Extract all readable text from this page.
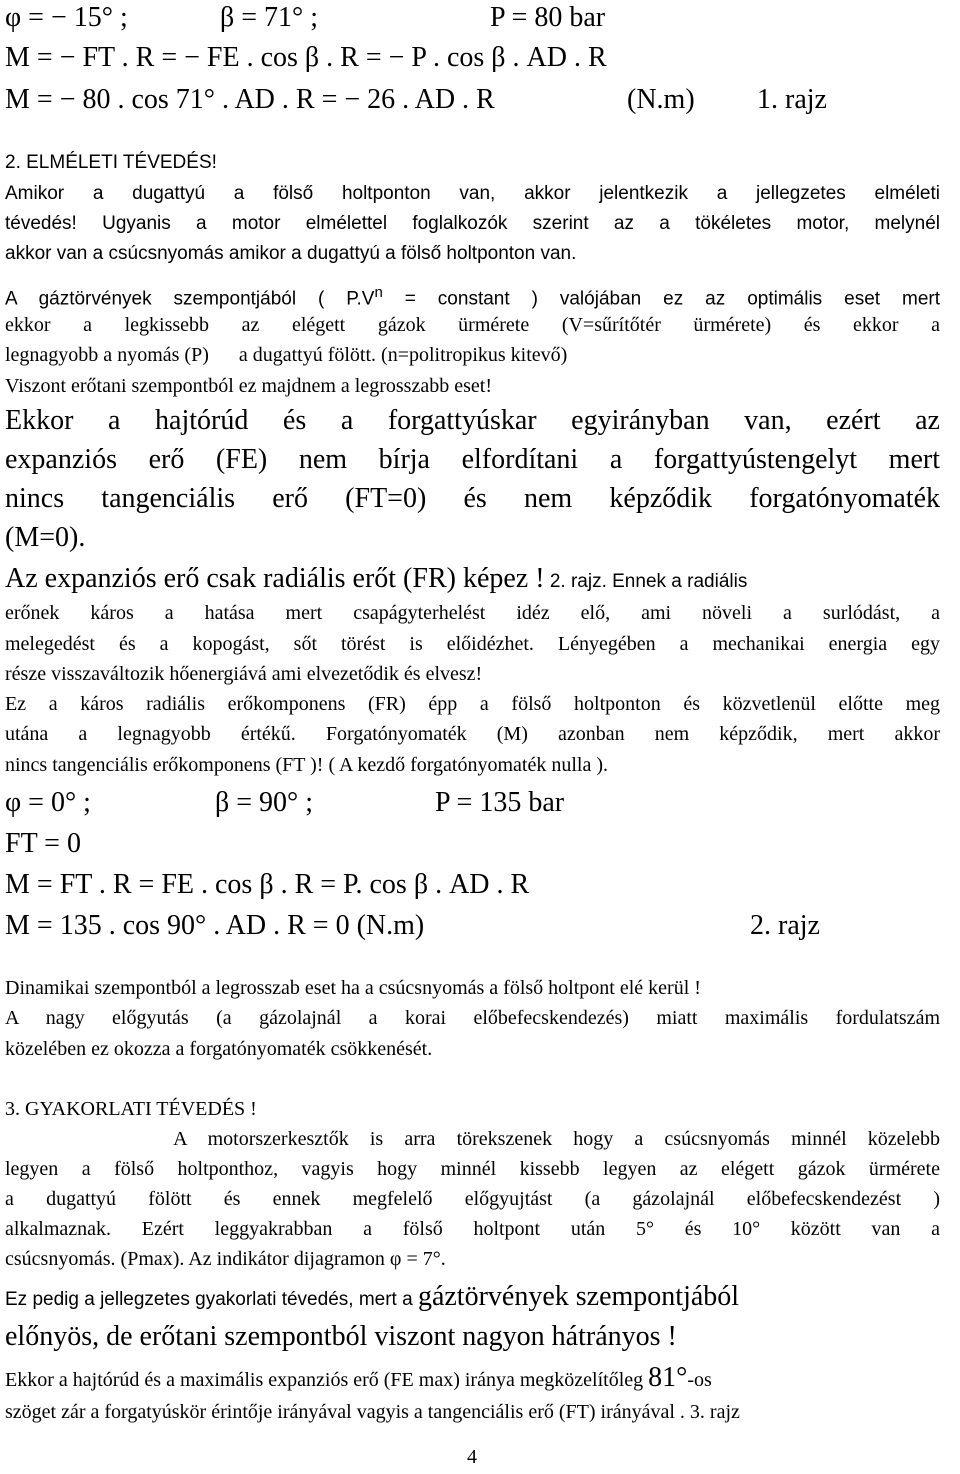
φ = − 15° ;	β = 71° ;	P = 80 bar
M = − FT . R = − FE . cos β . R = − P . cos β . AD . R
M = − 80 . cos 71° . AD . R = − 26 . AD . R	(N.m) 1. rajz
2. ELMÉLETI TÉVEDÉS!
Amikor a dugattyú a fölső holtponton van, akkor jelentkezik a jellegzetes elméleti
tévedés! Ugyanis a motor elmélettel foglalkozók szerint az a tökéletes motor, melynél
akkor van a csúcsnyomás amikor a dugattyú a fölső holtponton van.
A gáztörvények szempontjából ( $P.V^n$ = constant ) valójában ez az optimális eset mert
ekkor a legkissebb az elégett gázok ürmérete (V=sűrítőtér ürmérete) és ekkor a
legnagyobb a nyomás (P)      a dugattyú fölött. (n=politropikus kitevő)
Viszont erőtani szempontból ez majdnem a legrosszabb eset!
Ekkor a hajtórúd és a forgattyúskar egyirányban van, ezért az
expanziós erő (FE) nem bírja elfordítani a forgattyústengelyt mert
nincs tangenciális erő (FT=0) és nem képződik forgatónyomaték
(M=0).
Az expanziós erő csak radiális erőt (FR) képez ! 2. rajz. Ennek a radiális
erőnek káros a hatása mert csapágyterhelést idéz elő, ami növeli a surlódást, a
melegedést és a kopogást, sőt törést is előidézhet. Lényegében a mechanikai energia egy
része visszaváltozik hőenergiává ami elvezetődik és elvesz!
Ez a káros radiális erőkomponens (FR) épp a fölső holtponton és közvetlenül előtte meg
utána a legnagyobb értékű. Forgatónyomaték (M) azonban nem képződik, mert akkor
nincs tangenciális erőkomponens (FT )! ( A kezdő forgatónyomaték nulla ).
φ = 0° ;	β = 90° ;	P = 135 bar
FT = 0
M = FT . R = FE . cos β . R = P. cos β . AD . R
M = 135 . cos 90° . AD . R = 0 (N.m)	2. rajz
Dinamikai szempontból a legrosszab eset ha a csúcsnyomás a fölső holtpont elé kerül !
A nagy előgyutás (a gázolajnál a korai előbefecskendezés) miatt maximális fordulatszám
közelében ez okozza a forgatónyomaték csökkenését.
3. GYAKORLATI TÉVEDÉS !
A motorszerkesztők is arra törekszenek hogy a csúcsnyomás minnél közelebb
legyen a fölső holtponthoz, vagyis hogy minnél kissebb legyen az elégett gázok ürmérete
a dugattyú fölött és ennek megfelelő előgyujtást (a gázolajnál előbefecskendezést )
alkalmaznak. Ezért leggyakrabban a fölső holtpont után 5° és 10° között van a
csúcsnyomás. (Pmax). Az indikátor dijagramon φ = 7°.
Ez pedig a jellegzetes gyakorlati tévedés, mert a gáztörvények szempontjából
előnyös, de erőtani szempontból viszont nagyon hátrányos !
Ekkor a hajtórúd és a maximális expanziós erő (FE max) iránya megközelítőleg 81°-os
szöget zár a forgatyúskör érintője irányával vagyis a tangenciális erő (FT) irányával . 3. rajz
4
